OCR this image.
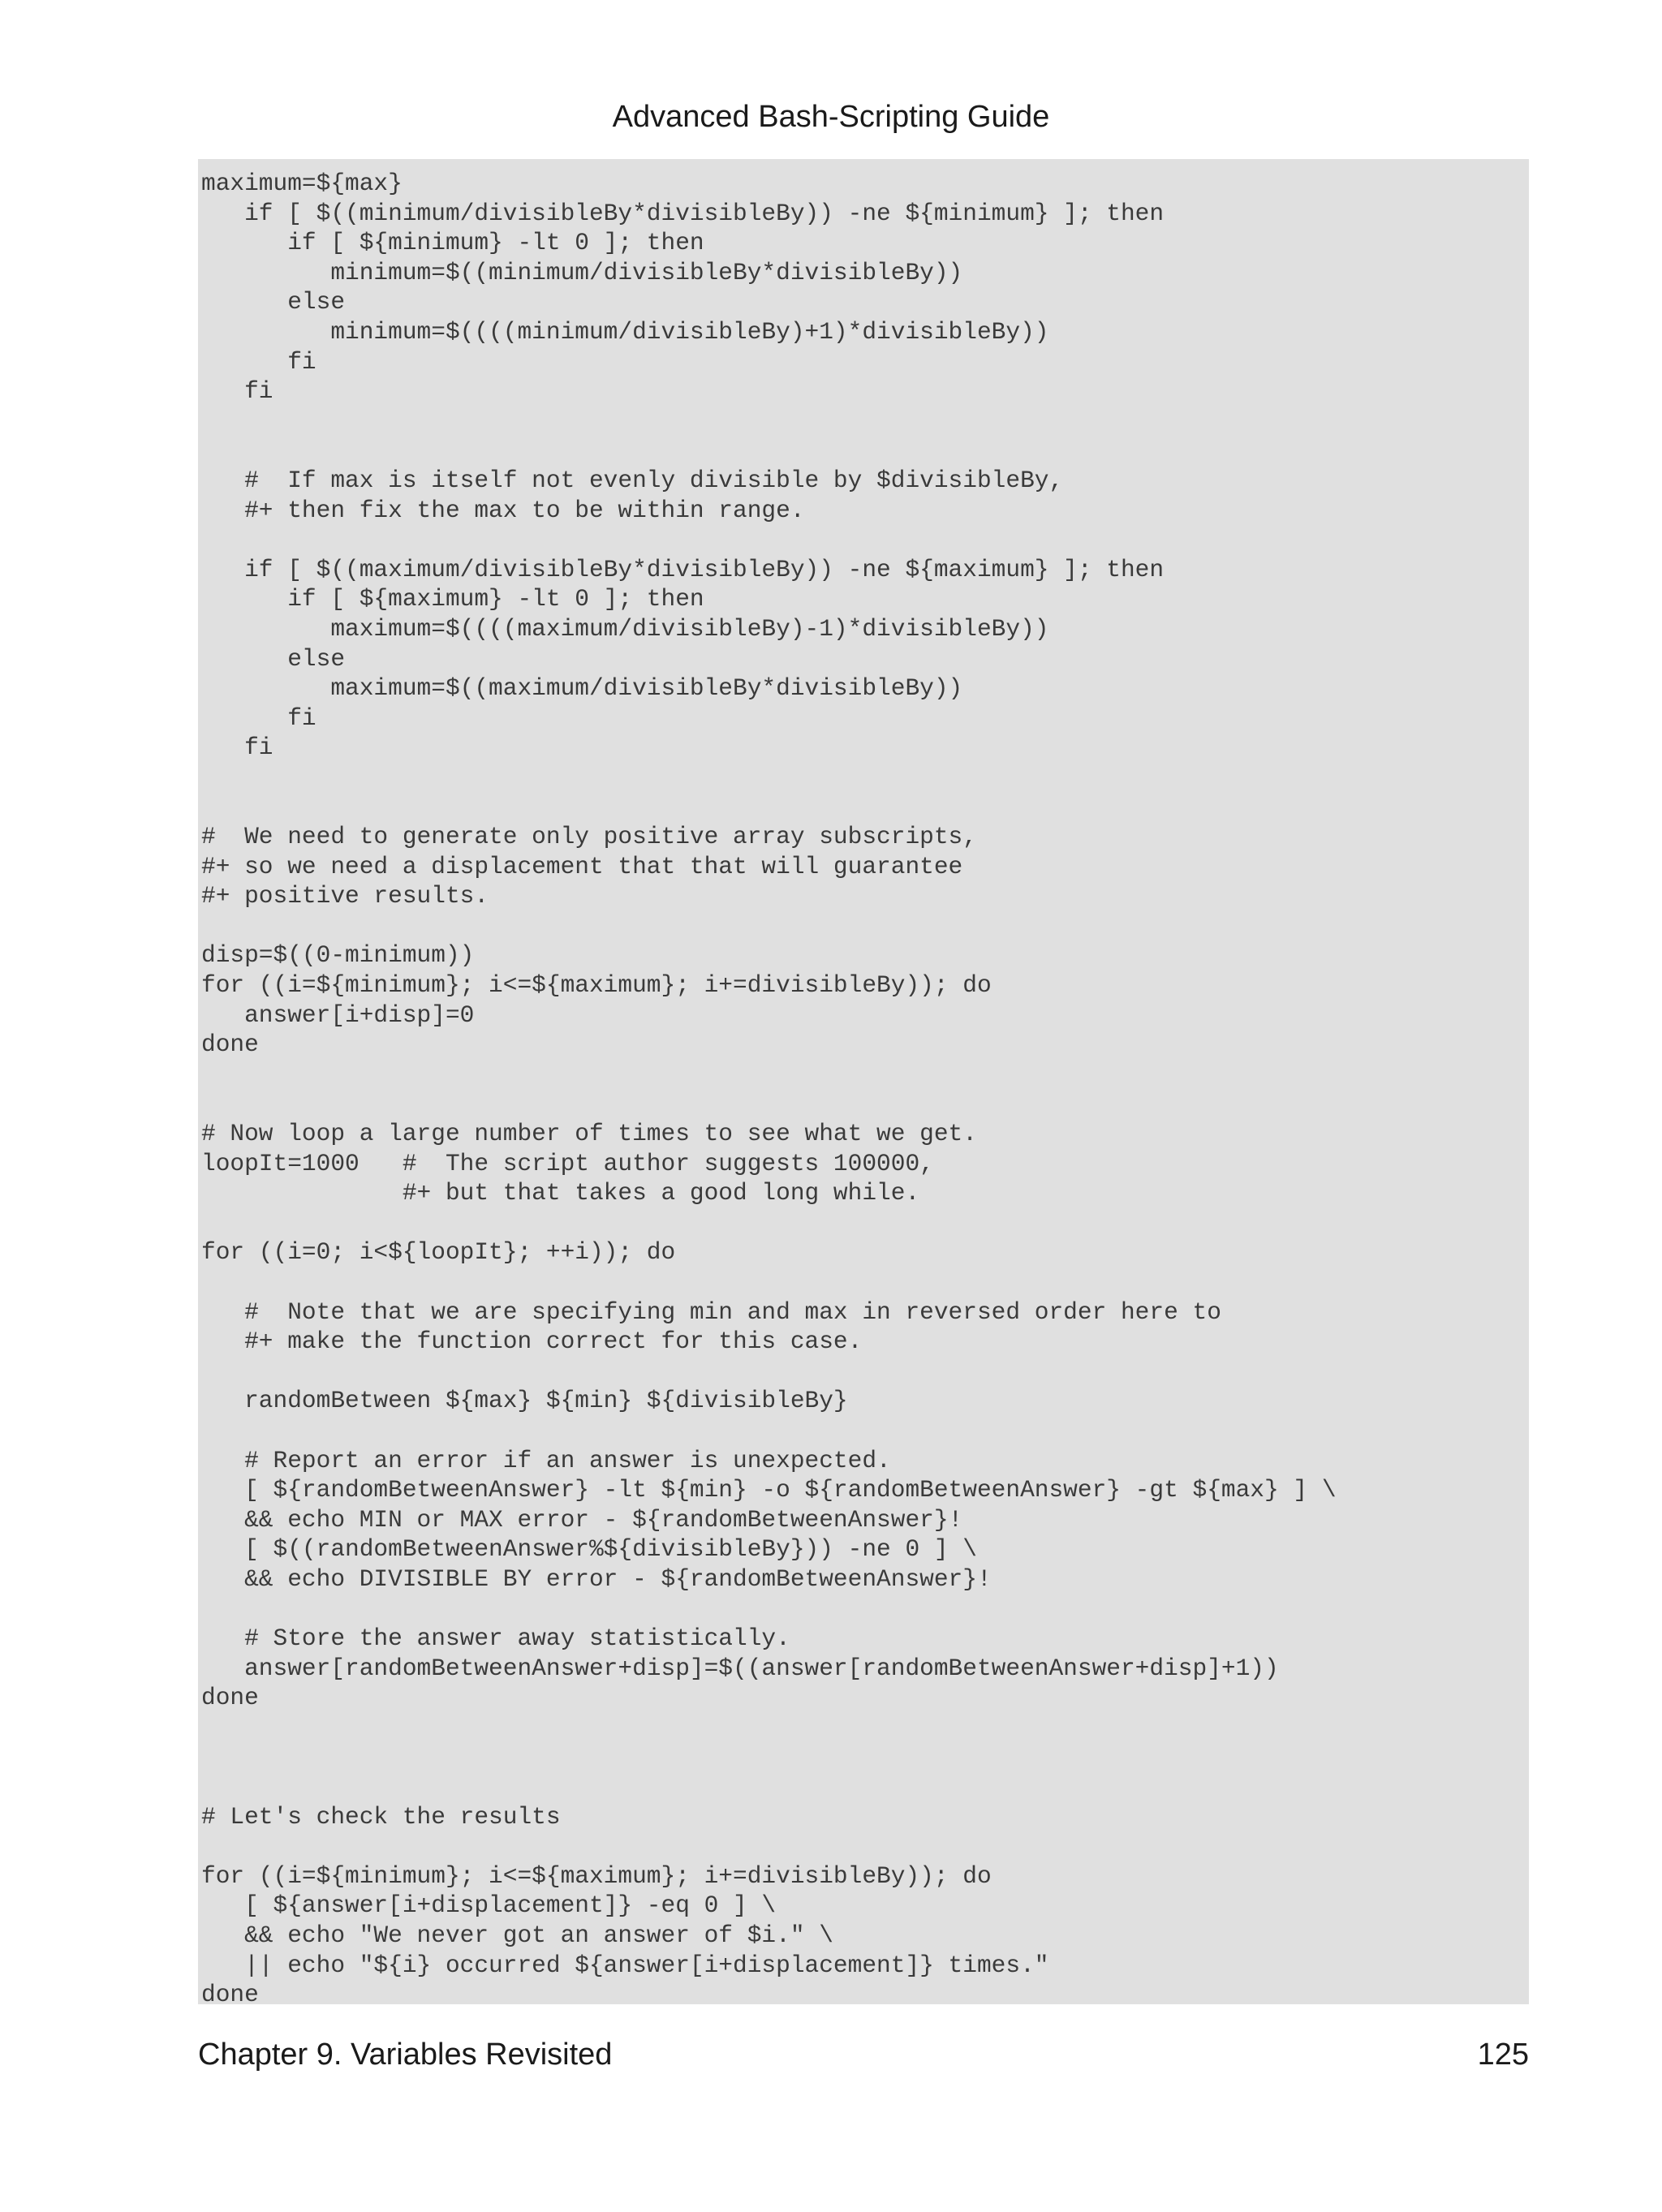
Advanced Bash-Scripting Guide
maximum=${max}
if [ $((minimum/divisibleBy*divisibleBy)) -ne ${minimum} ]; then
if [ ${minimum} -lt 0 ]; then
minimum=$((minimum/divisibleBy*divisibleBy))
else
minimum=$((((minimum/divisibleBy)+1)*divisibleBy))
fi
fi
#  If max is itself not evenly divisible by $divisibleBy,
#+ then fix the max to be within range.
if [ $((maximum/divisibleBy*divisibleBy)) -ne ${maximum} ]; then
if [ ${maximum} -lt 0 ]; then
maximum=$((((maximum/divisibleBy)-1)*divisibleBy))
else
maximum=$((maximum/divisibleBy*divisibleBy))
fi
fi
#  We need to generate only positive array subscripts,
#+ so we need a displacement that that will guarantee
#+ positive results.
disp=$((0-minimum))
for ((i=${minimum}; i<=${maximum}; i+=divisibleBy)); do
answer[i+disp]=0
done
# Now loop a large number of times to see what we get.
loopIt=1000   #  The script author suggests 100000,
#+ but that takes a good long while.
for ((i=0; i<${loopIt}; ++i)); do
#  Note that we are specifying min and max in reversed order here to
#+ make the function correct for this case.
randomBetween ${max} ${min} ${divisibleBy}
# Report an error if an answer is unexpected.
[ ${randomBetweenAnswer} -lt ${min} -o ${randomBetweenAnswer} -gt ${max} ] \
&& echo MIN or MAX error - ${randomBetweenAnswer}!
[ $((randomBetweenAnswer%${divisibleBy})) -ne 0 ] \
&& echo DIVISIBLE BY error - ${randomBetweenAnswer}!
# Store the answer away statistically.
answer[randomBetweenAnswer+disp]=$((answer[randomBetweenAnswer+disp]+1))
done
# Let's check the results
for ((i=${minimum}; i<=${maximum}; i+=divisibleBy)); do
[ ${answer[i+displacement]} -eq 0 ] \
&& echo "We never got an answer of $i." \
|| echo "${i} occurred ${answer[i+displacement]} times."
done
Chapter 9. Variables Revisited	125
